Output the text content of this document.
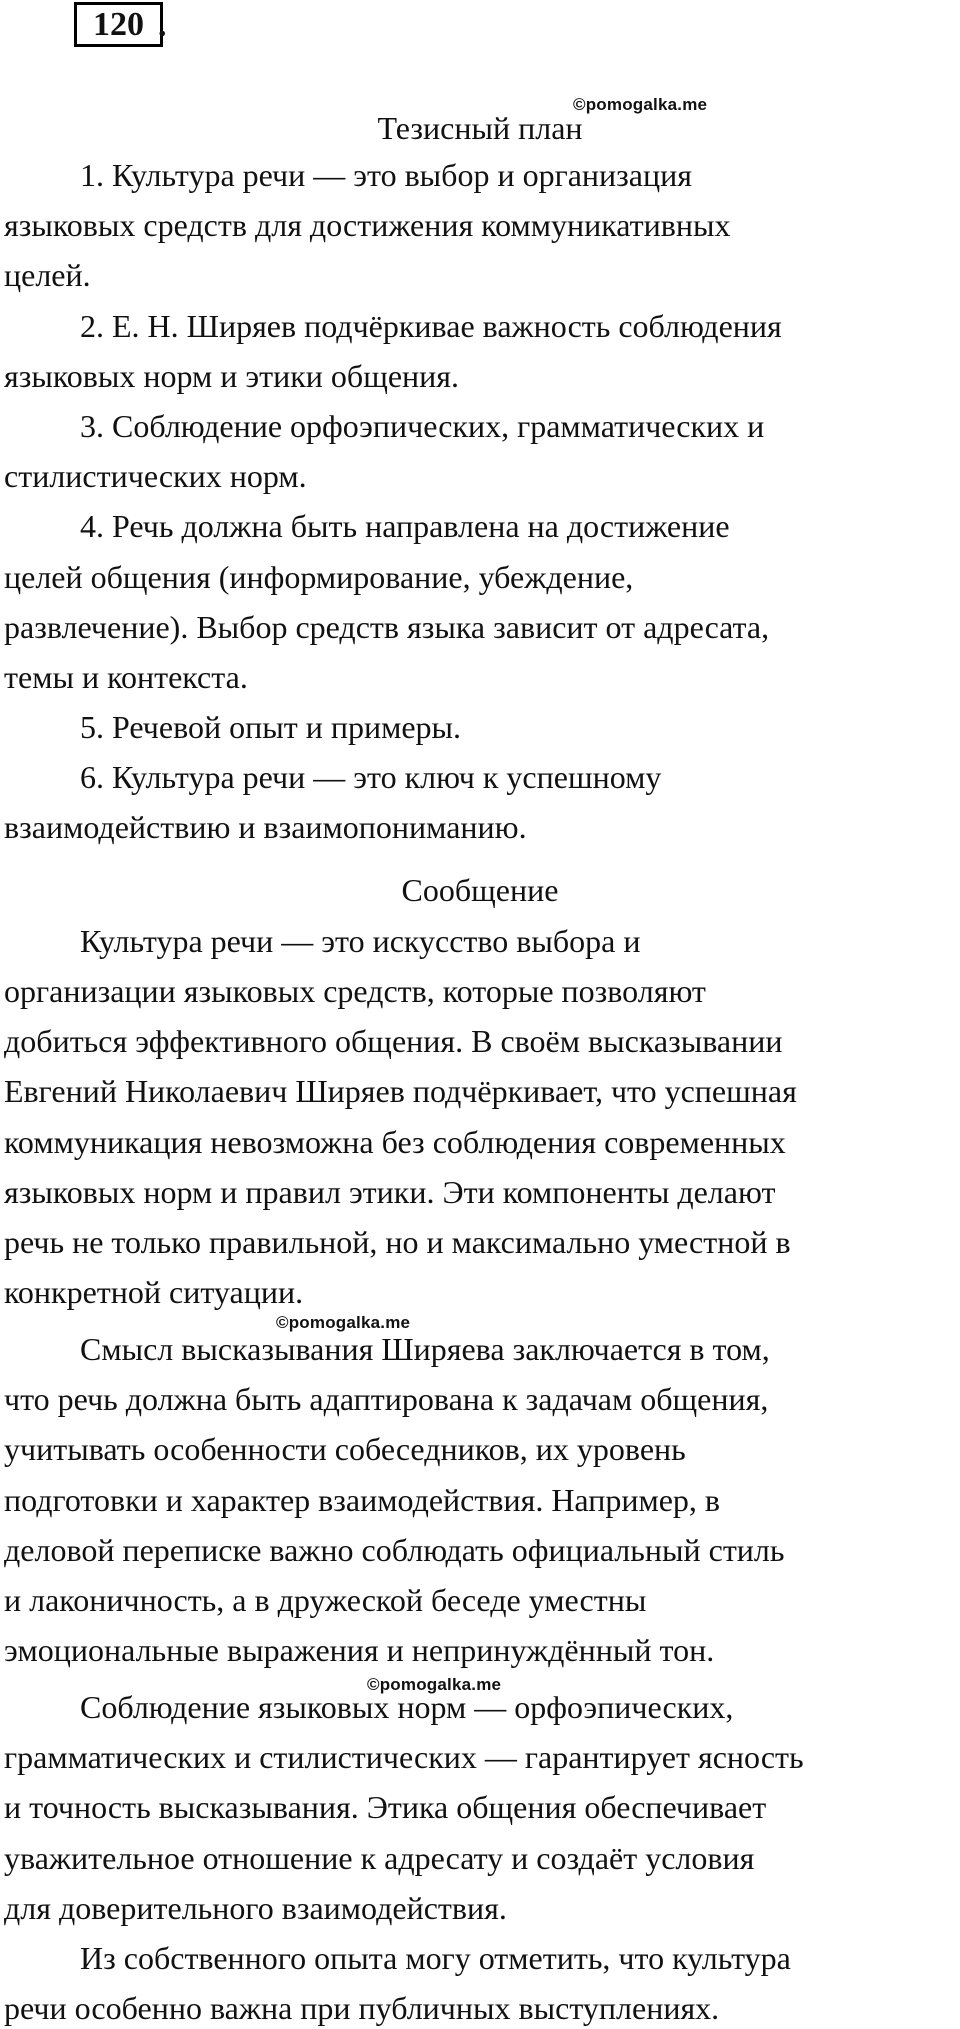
120 .
©pomogalka.me
©pomogalka.me
©pomogalka.me
Тезисный план
1. Культура речи — это выбор и организация
языковых средств для достижения коммуникативных
целей.
2. Е. Н. Ширяев подчёркивае важность соблюдения
языковых норм и этики общения.
3. Соблюдение орфоэпических, грамматических и
стилистических норм.
4. Речь должна быть направлена на достижение
целей общения (информирование, убеждение,
развлечение). Выбор средств языка зависит от адресата,
темы и контекста.
5. Речевой опыт и примеры.
6. Культура речи — это ключ к успешному
взаимодействию и взаимопониманию.
Сообщение
Культура речи — это искусство выбора и
организации языковых средств, которые позволяют
добиться эффективного общения. В своём высказывании
Евгений Николаевич Ширяев подчёркивает, что успешная
коммуникация невозможна без соблюдения современных
языковых норм и правил этики. Эти компоненты делают
речь не только правильной, но и максимально уместной в
конкретной ситуации.
Смысл высказывания Ширяева заключается в том,
что речь должна быть адаптирована к задачам общения,
учитывать особенности собеседников, их уровень
подготовки и характер взаимодействия. Например, в
деловой переписке важно соблюдать официальный стиль
и лаконичность, а в дружеской беседе уместны
эмоциональные выражения и непринуждённый тон.
Соблюдение языковых норм — орфоэпических,
грамматических и стилистических — гарантирует ясность
и точность высказывания. Этика общения обеспечивает
уважительное отношение к адресату и создаёт условия
для доверительного взаимодействия.
Из собственного опыта могу отметить, что культура
речи особенно важна при публичных выступлениях.
